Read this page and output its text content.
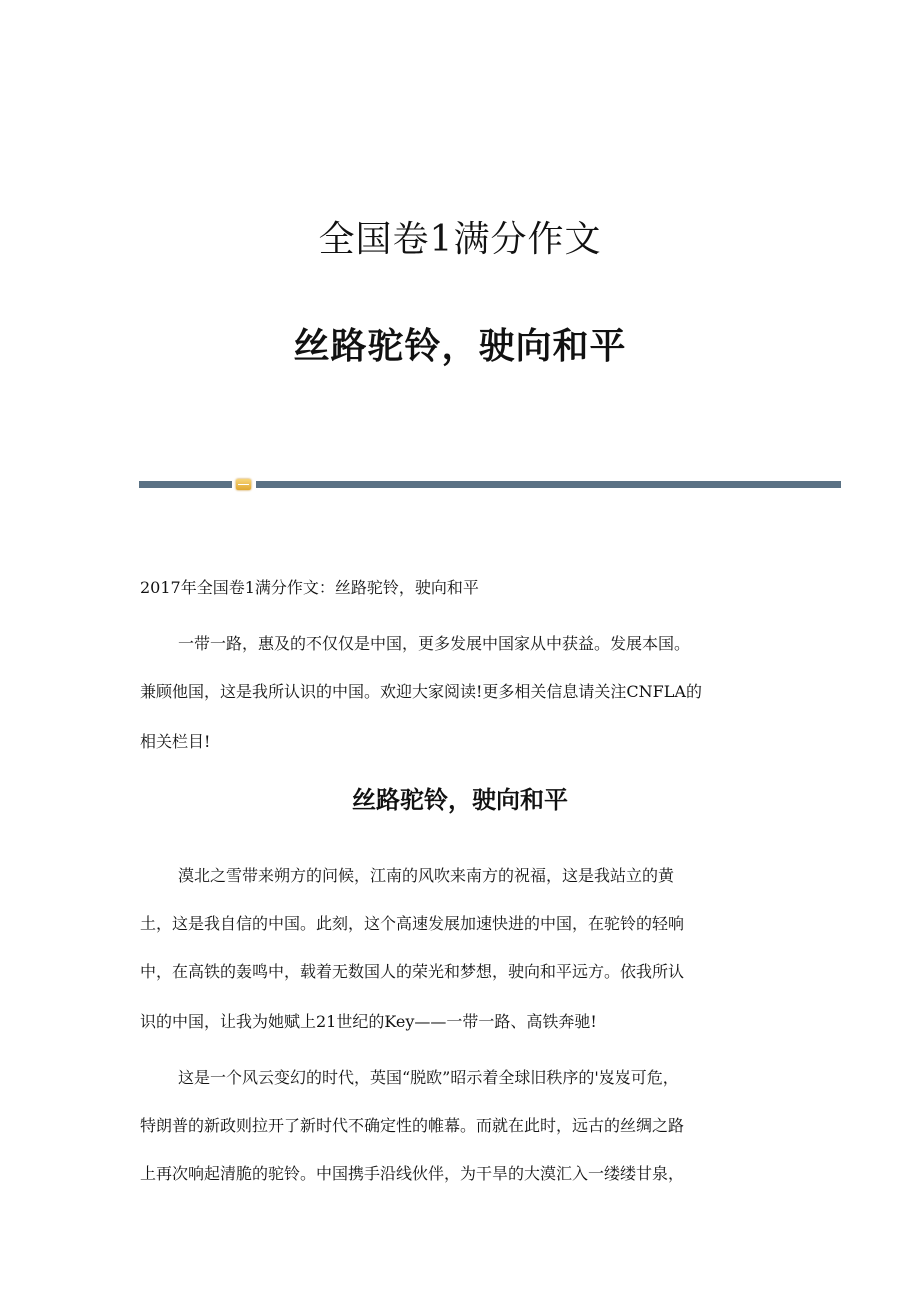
全国卷1满分作文
丝路驼铃，驶向和平

2017年全国卷1满分作文：丝路驼铃，驶向和平

一带一路，惠及的不仅仅是中国，更多发展中国家从中获益。发展本国。

兼顾他国，这是我所认识的中国。欢迎大家阅读!更多相关信息请关注CNFLA的

相关栏目!

丝路驼铃，驶向和平

漠北之雪带来朔方的问候，江南的风吹来南方的祝福，这是我站立的黄

土，这是我自信的中国。此刻，这个高速发展加速快进的中国，在驼铃的轻响

中，在高铁的轰鸣中，载着无数国人的荣光和梦想，驶向和平远方。依我所认

识的中国，让我为她赋上21世纪的Key——一带一路、高铁奔驰!

这是一个风云变幻的时代，英国“脱欧”昭示着全球旧秩序的'岌岌可危，

特朗普的新政则拉开了新时代不确定性的帷幕。而就在此时，远古的丝绸之路

上再次响起清脆的驼铃。中国携手沿线伙伴，为干旱的大漠汇入一缕缕甘泉，
